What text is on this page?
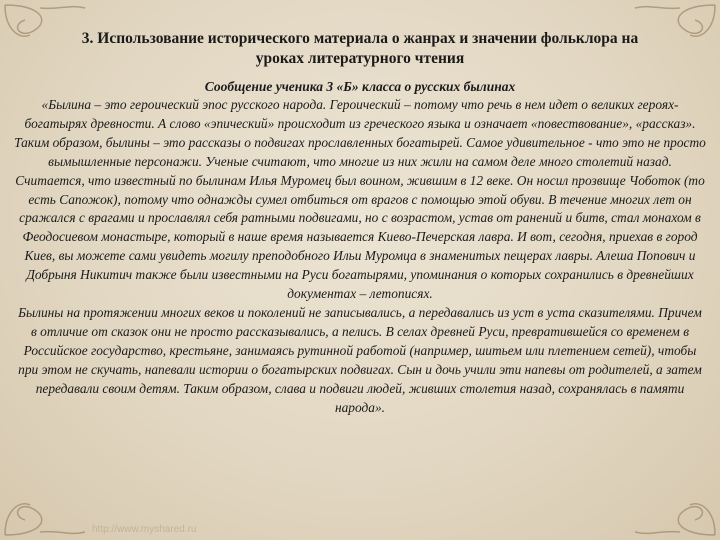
3. Использование исторического материала о жанрах и значении фольклора на
уроках литературного чтения
Сообщение ученика 3 «Б» класса о русских былинах

«Былина – это героический эпос русского народа. Героический – потому что речь в нем идет о великих героях-богатырях древности. А слово «эпический» происходит из греческого языка и означает «повествование», «рассказ». Таким образом, былины – это рассказы о подвигах прославленных богатырей. Самое удивительное - что это не просто вымышленные персонажи. Ученые считают, что многие из них жили на самом деле много столетий назад. Считается, что известный по былинам Илья Муромец был воином, жившим в 12 веке. Он носил прозвище Чоботок (то есть Сапожок), потому что однажды сумел отбиться от врагов с помощью этой обуви. В течение многих лет он сражался с врагами и прославлял себя ратными подвигами, но с возрастом, устав от ранений и битв, стал монахом в Феодосиевом монастыре, который в наше время называется Киево-Печерская лавра. И вот, сегодня, приехав в город Киев, вы можете сами увидеть могилу преподобного Ильи Муромца в знаменитых пещерах лавры. Алеша Попович и Добрыня Никитич также были известными на Руси богатырями, упоминания о которых сохранились в древнейших документах – летописях.

Былины на протяжении многих веков и поколений не записывались, а передавались из уст в уста сказителями. Причем в отличие от сказок они не просто рассказывались, а пелись. В селах древней Руси, превратившейся со временем в Российское государство, крестьяне, занимаясь рутинной работой (например, шитьем или плетением сетей), чтобы при этом не скучать, напевали истории о богатырских подвигах. Сын и дочь учили эти напевы от родителей, а затем передавали своим детям. Таким образом, слава и подвиги людей, живших столетия назад, сохранялась в памяти народа».

http://www.myshared.ru
